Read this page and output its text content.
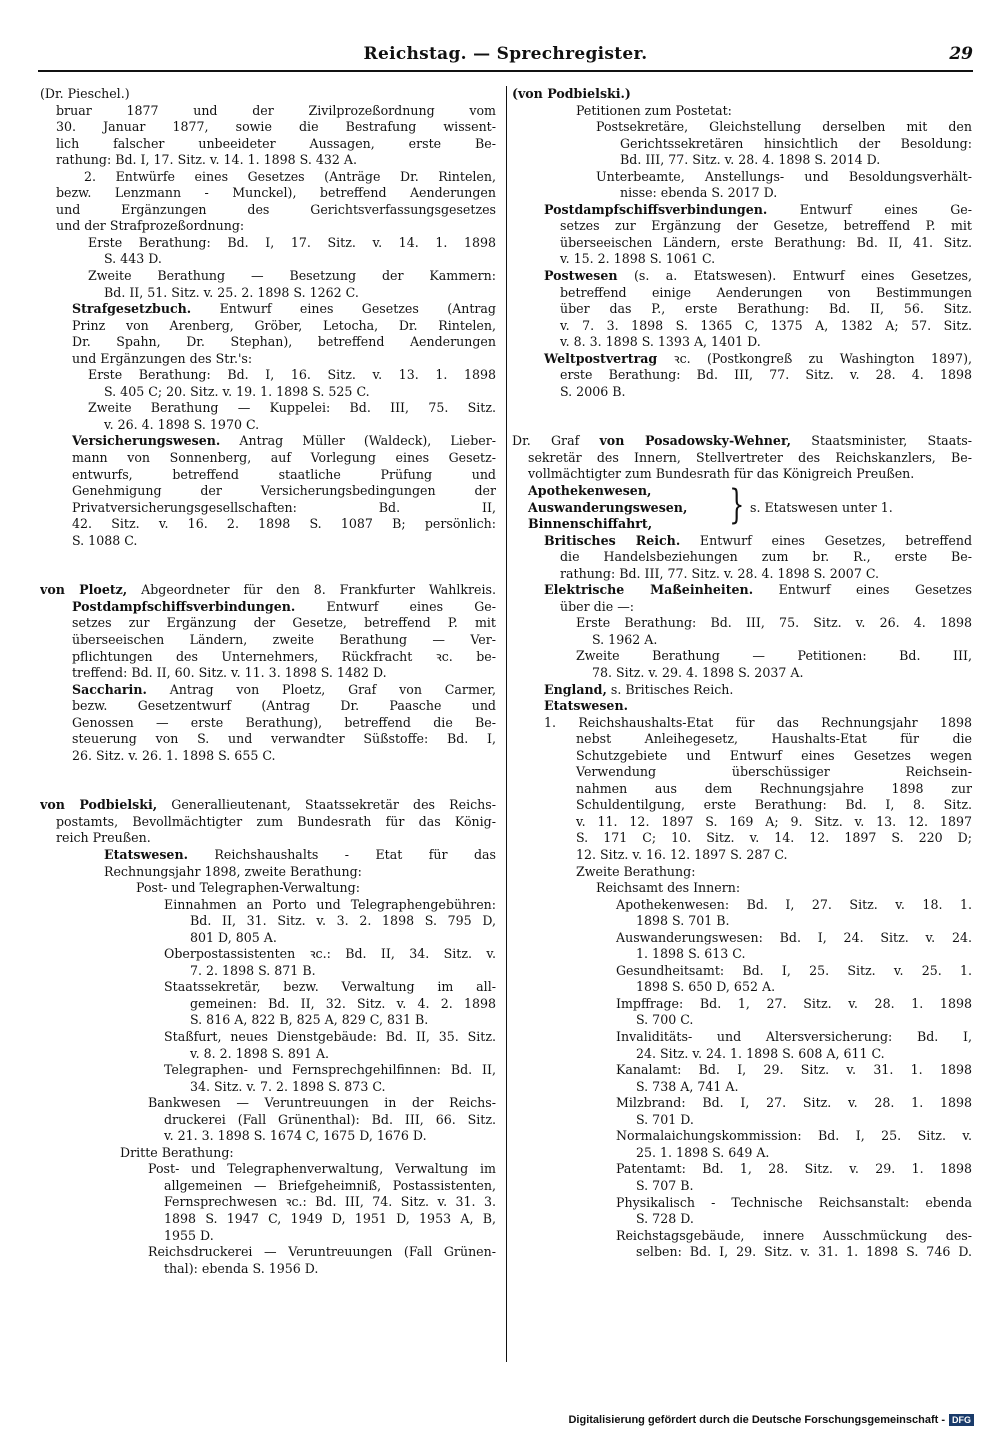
Reichstag. — Sprechregister.	29
(Dr. Pieschel.)
bruar 1877 und der Zivilprozeßordnung vom
30. Januar 1877, sowie die Bestrafung wissent-
lich falscher unbeeideter Aussagen, erste Be-
rathung: Bd. I, 17. Sitz. v. 14. 1. 1898 S. 432 A.
2. Entwürfe eines Gesetzes (Anträge Dr. Rintelen,
bezw. Lenzmann - Munckel), betreffend Aenderungen
und Ergänzungen des Gerichtsverfassungsgesetzes
und der Strafprozeßordnung:
Erste Berathung: Bd. I, 17. Sitz. v. 14. 1. 1898
S. 443 D.
Zweite Berathung — Besetzung der Kammern:
Bd. II, 51. Sitz. v. 25. 2. 1898 S. 1262 C.
Strafgesetzbuch. Entwurf eines Gesetzes (Antrag
Prinz von Arenberg, Gröber, Letocha, Dr. Rintelen,
Dr. Spahn, Dr. Stephan), betreffend Aenderungen
und Ergänzungen des Str.'s:
Erste Berathung: Bd. I, 16. Sitz. v. 13. 1. 1898
S. 405 C; 20. Sitz. v. 19. 1. 1898 S. 525 C.
Zweite Berathung — Kuppelei: Bd. III, 75. Sitz.
v. 26. 4. 1898 S. 1970 C.
Versicherungswesen. Antrag Müller (Waldeck), Lieber-
mann von Sonnenberg, auf Vorlegung eines Gesetz-
entwurfs, betreffend staatliche Prüfung und
Genehmigung der Versicherungsbedingungen der
Privatversicherungsgesellschaften: Bd. II,
42. Sitz. v. 16. 2. 1898 S. 1087 B; persönlich:
S. 1088 C.
von Ploetz, Abgeordneter für den 8. Frankfurter Wahlkreis.
Postdampfschiffsverbindungen. Entwurf eines Ge-
setzes zur Ergänzung der Gesetze, betreffend P. mit
überseeischen Ländern, zweite Berathung — Ver-
pflichtungen des Unternehmers, Rückfracht ꝛc. be-
treffend: Bd. II, 60. Sitz. v. 11. 3. 1898 S. 1482 D.
Saccharin. Antrag von Ploetz, Graf von Carmer,
bezw. Gesetzentwurf (Antrag Dr. Paasche und
Genossen — erste Berathung), betreffend die Be-
steuerung von S. und verwandter Süßstoffe: Bd. I,
26. Sitz. v. 26. 1. 1898 S. 655 C.
von Podbielski, Generallieutenant, Staatssekretär des Reichs-
postamts, Bevollmächtigter zum Bundesrath für das König-
reich Preußen.
Etatswesen. Reichshaushalts - Etat für das
Rechnungsjahr 1898, zweite Berathung:
Post- und Telegraphen-Verwaltung:
Einnahmen an Porto und Telegraphengebühren:
Bd. II, 31. Sitz. v. 3. 2. 1898 S. 795 D,
801 D, 805 A.
Oberpostassistenten ꝛc.: Bd. II, 34. Sitz. v.
7. 2. 1898 S. 871 B.
Staatssekretär, bezw. Verwaltung im all-
gemeinen: Bd. II, 32. Sitz. v. 4. 2. 1898
S. 816 A, 822 B, 825 A, 829 C, 831 B.
Staßfurt, neues Dienstgebäude: Bd. II, 35. Sitz.
v. 8. 2. 1898 S. 891 A.
Telegraphen- und Fernsprechgehilfinnen: Bd. II,
34. Sitz. v. 7. 2. 1898 S. 873 C.
Bankwesen — Veruntreuungen in der Reichs-
druckerei (Fall Grünenthal): Bd. III, 66. Sitz.
v. 21. 3. 1898 S. 1674 C, 1675 D, 1676 D.
Dritte Berathung:
Post- und Telegraphenverwaltung, Verwaltung im
allgemeinen — Briefgeheimniß, Postassistenten,
Fernsprechwesen ꝛc.: Bd. III, 74. Sitz. v. 31. 3.
1898 S. 1947 C, 1949 D, 1951 D, 1953 A, B,
1955 D.
Reichsdruckerei — Veruntreuungen (Fall Grünen-
thal): ebenda S. 1956 D.
(von Podbielski.)
Petitionen zum Postetat:
Postsekretäre, Gleichstellung derselben mit den
Gerichtssekretären hinsichtlich der Besoldung:
Bd. III, 77. Sitz. v. 28. 4. 1898 S. 2014 D.
Unterbeamte, Anstellungs- und Besoldungsverhält-
nisse: ebenda S. 2017 D.
Postdampfschiffsverbindungen. Entwurf eines Ge-
setzes zur Ergänzung der Gesetze, betreffend P. mit
überseeischen Ländern, erste Berathung: Bd. II, 41. Sitz.
v. 15. 2. 1898 S. 1061 C.
Postwesen (s. a. Etatswesen). Entwurf eines Gesetzes,
betreffend einige Aenderungen von Bestimmungen
über das P., erste Berathung: Bd. II, 56. Sitz.
v. 7. 3. 1898 S. 1365 C, 1375 A, 1382 A; 57. Sitz.
v. 8. 3. 1898 S. 1393 A, 1401 D.
Weltpostvertrag ꝛc. (Postkongreß zu Washington 1897),
erste Berathung: Bd. III, 77. Sitz. v. 28. 4. 1898
S. 2006 B.
Dr. Graf von Posadowsky-Wehner, Staatsminister, Staats-
sekretär des Innern, Stellvertreter des Reichskanzlers, Be-
vollmächtigter zum Bundesrath für das Königreich Preußen.
Apothekenwesen,
Auswanderungswesen,
Binnenschiffahrt, } s. Etatswesen unter 1.
Britisches Reich. Entwurf eines Gesetzes, betreffend
die Handelsbeziehungen zum br. R., erste Be-
rathung: Bd. III, 77. Sitz. v. 28. 4. 1898 S. 2007 C.
Elektrische Maßeinheiten. Entwurf eines Gesetzes
über die —:
Erste Berathung: Bd. III, 75. Sitz. v. 26. 4. 1898
S. 1962 A.
Zweite Berathung — Petitionen: Bd. III,
78. Sitz. v. 29. 4. 1898 S. 2037 A.
England, s. Britisches Reich.
Etatswesen.
1. Reichshaushalts-Etat für das Rechnungsjahr 1898
nebst Anleihegesetz, Haushalts-Etat für die
Schutzgebiete und Entwurf eines Gesetzes wegen
Verwendung überschüssiger Reichsein-
nahmen aus dem Rechnungsjahre 1898 zur
Schuldentilgung, erste Berathung: Bd. I, 8. Sitz.
v. 11. 12. 1897 S. 169 A; 9. Sitz. v. 13. 12. 1897
S. 171 C; 10. Sitz. v. 14. 12. 1897 S. 220 D;
12. Sitz. v. 16. 12. 1897 S. 287 C.
Zweite Berathung:
Reichsamt des Innern:
Apothekenwesen: Bd. I, 27. Sitz. v. 18. 1.
1898 S. 701 B.
Auswanderungswesen: Bd. I, 24. Sitz. v. 24.
1. 1898 S. 613 C.
Gesundheitsamt: Bd. I, 25. Sitz. v. 25. 1.
1898 S. 650 D, 652 A.
Impffrage: Bd. 1, 27. Sitz. v. 28. 1. 1898
S. 700 C.
Invaliditäts- und Altersversicherung: Bd. I,
24. Sitz. v. 24. 1. 1898 S. 608 A, 611 C.
Kanalamt: Bd. I, 29. Sitz. v. 31. 1. 1898
S. 738 A, 741 A.
Milzbrand: Bd. I, 27. Sitz. v. 28. 1. 1898
S. 701 D.
Normalaichungskommission: Bd. I, 25. Sitz. v.
25. 1. 1898 S. 649 A.
Patentamt: Bd. 1, 28. Sitz. v. 29. 1. 1898
S. 707 B.
Physikalisch - Technische Reichsanstalt: ebenda
S. 728 D.
Reichstagsgebäude, innere Ausschmückung des-
selben: Bd. I, 29. Sitz. v. 31. 1. 1898 S. 746 D.
Digitalisierung gefördert durch die Deutsche Forschungsgemeinschaft - DFG
